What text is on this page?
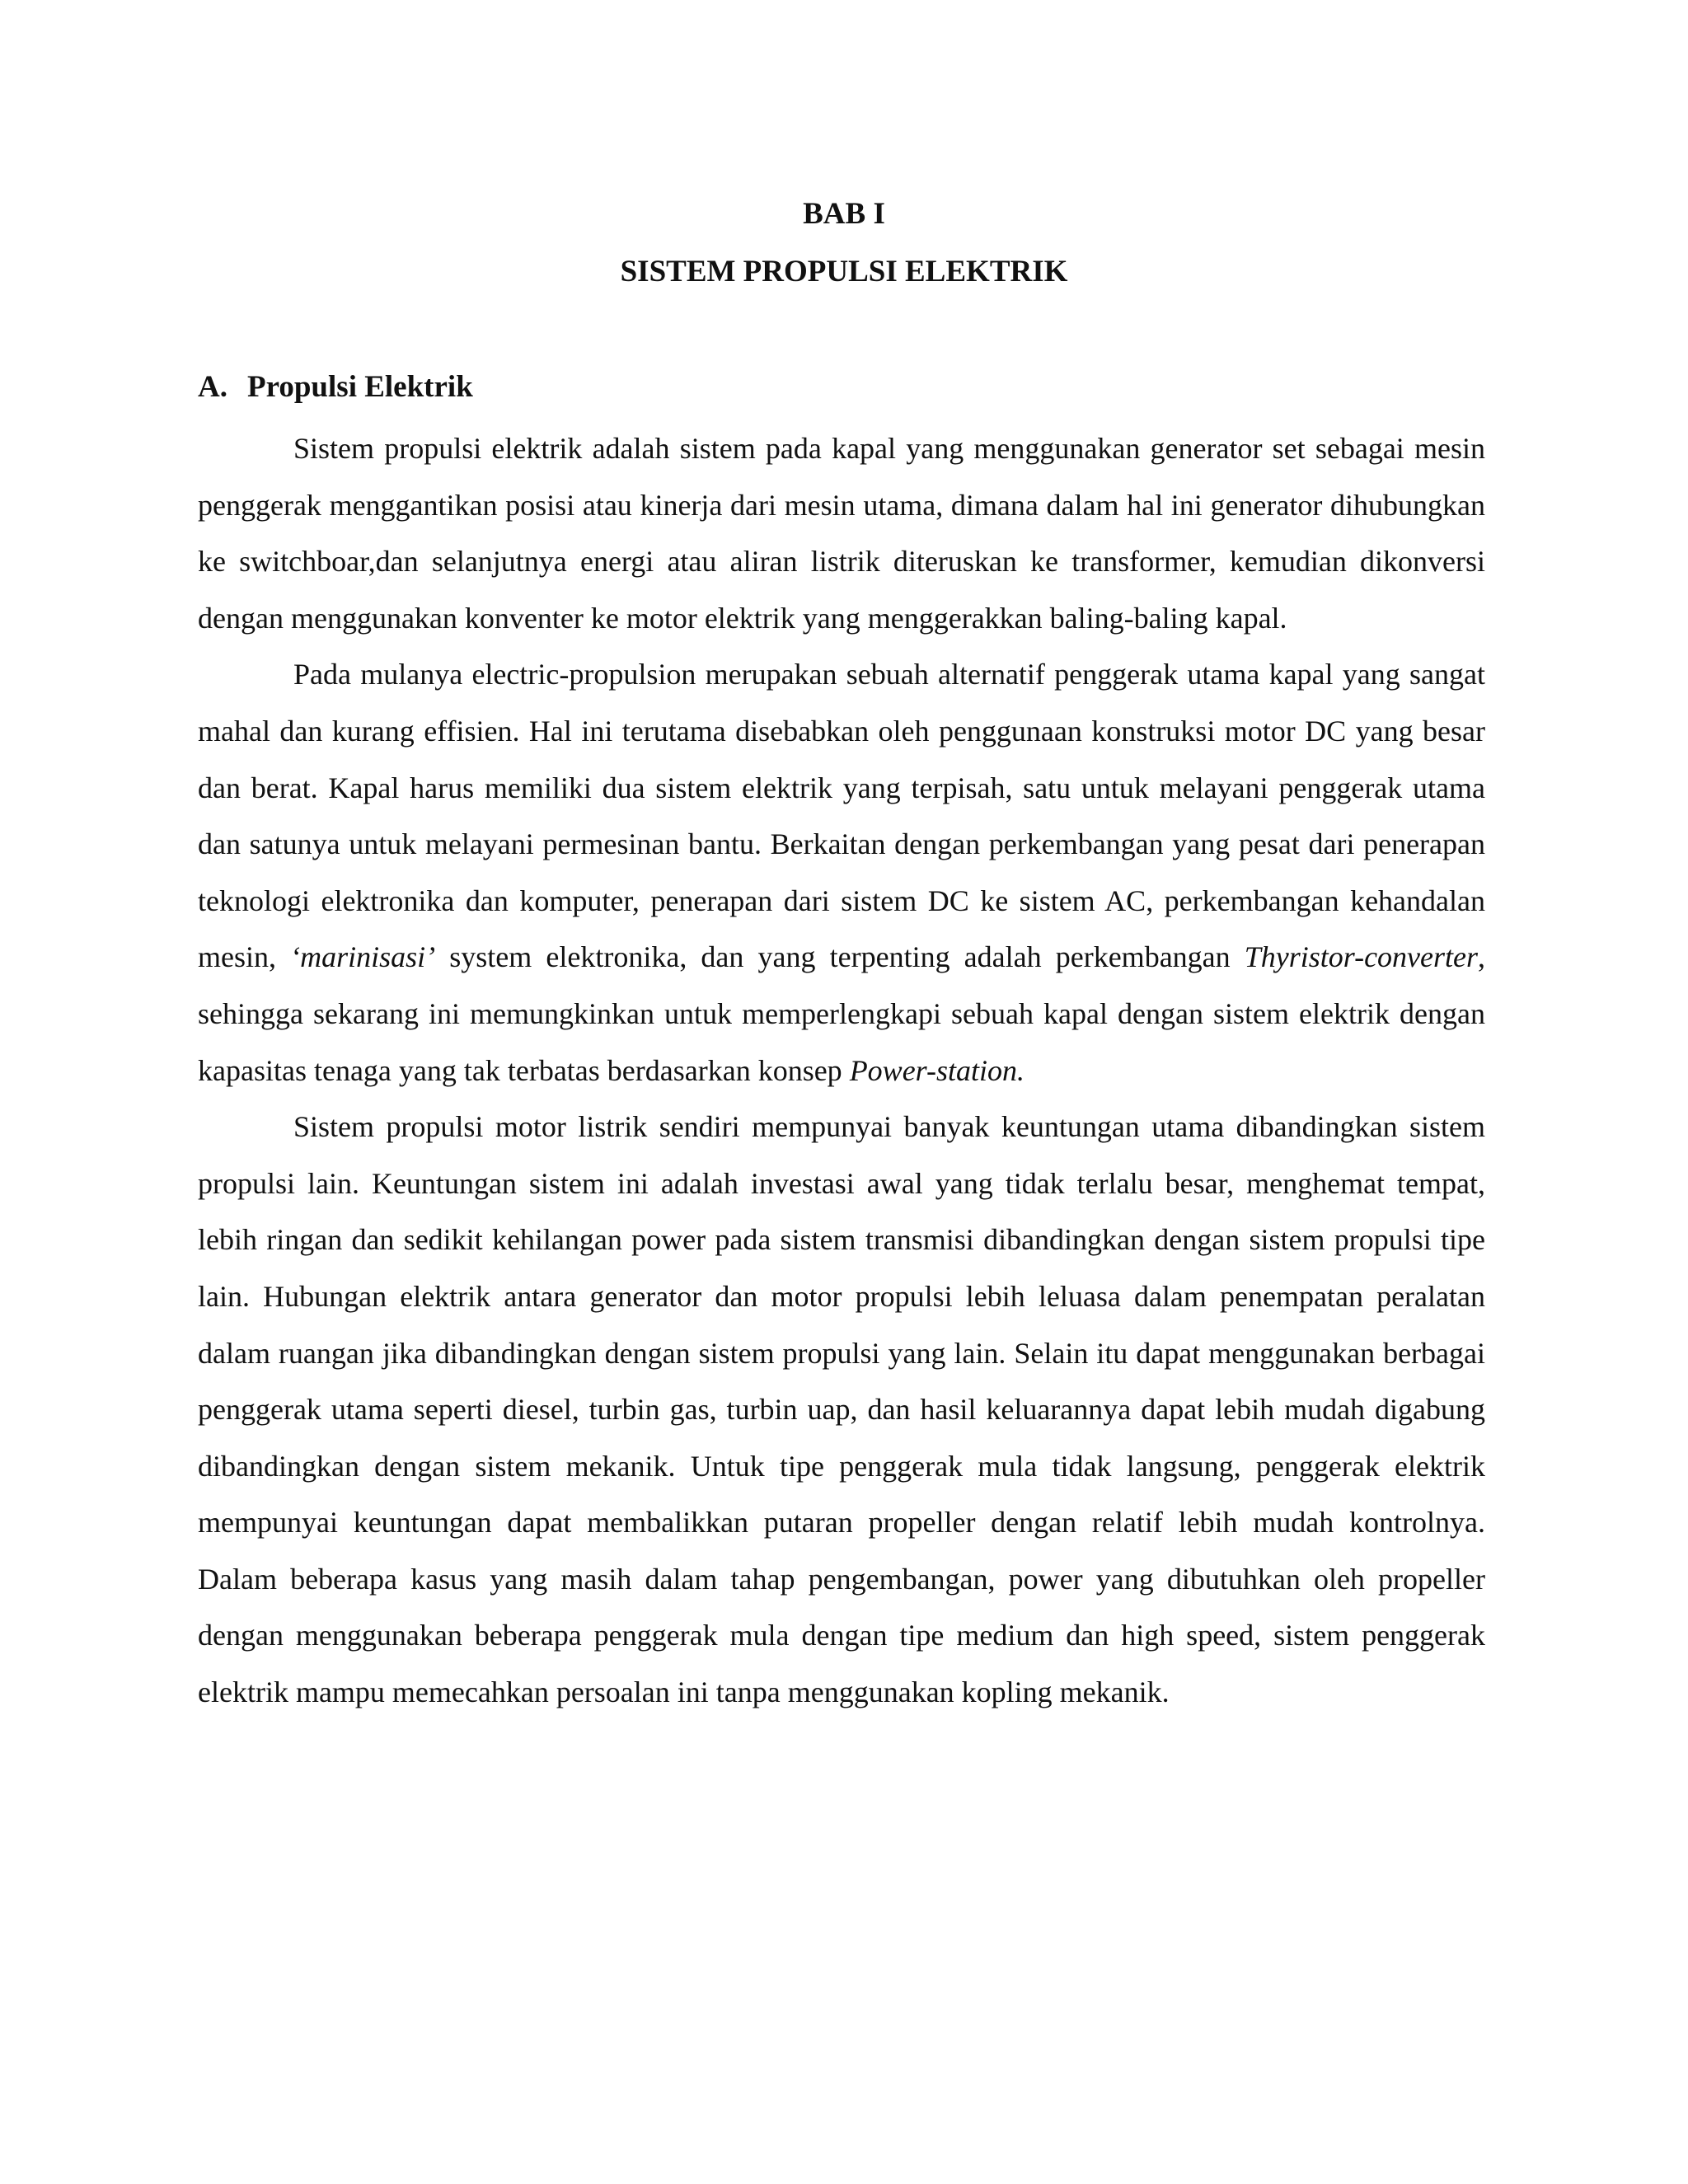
BAB I
SISTEM PROPULSI ELEKTRIK
A. Propulsi Elektrik

Sistem propulsi elektrik adalah sistem pada kapal yang menggunakan generator set sebagai mesin penggerak menggantikan posisi atau kinerja dari mesin utama, dimana dalam hal ini generator dihubungkan ke switchboar,dan selanjutnya energi atau aliran listrik diteruskan ke transformer, kemudian dikonversi dengan menggunakan konventer ke motor elektrik yang menggerakkan baling-baling kapal.

Pada mulanya electric-propulsion merupakan sebuah alternatif penggerak utama kapal yang sangat mahal dan kurang effisien. Hal ini terutama disebabkan oleh penggunaan konstruksi motor DC yang besar dan berat. Kapal harus memiliki dua sistem elektrik yang terpisah, satu untuk melayani penggerak utama dan satunya untuk melayani permesinan bantu. Berkaitan dengan perkembangan yang pesat dari penerapan teknologi elektronika dan komputer, penerapan dari sistem DC ke sistem AC, perkembangan kehandalan mesin, ‘marinisasi’ system elektronika, dan yang terpenting adalah perkembangan Thyristor-converter, sehingga sekarang ini memungkinkan untuk memperlengkapi sebuah kapal dengan sistem elektrik dengan kapasitas tenaga yang tak terbatas berdasarkan konsep Power-station.

Sistem propulsi motor listrik sendiri mempunyai banyak keuntungan utama dibandingkan sistem propulsi lain. Keuntungan sistem ini adalah investasi awal yang tidak terlalu besar, menghemat tempat, lebih ringan dan sedikit kehilangan power pada sistem transmisi dibandingkan dengan sistem propulsi tipe lain. Hubungan elektrik antara generator dan motor propulsi lebih leluasa dalam penempatan peralatan dalam ruangan jika dibandingkan dengan sistem propulsi yang lain. Selain itu dapat menggunakan berbagai penggerak utama seperti diesel, turbin gas, turbin uap, dan hasil keluarannya dapat lebih mudah digabung dibandingkan dengan sistem mekanik. Untuk tipe penggerak mula tidak langsung, penggerak elektrik mempunyai keuntungan dapat membalikkan putaran propeller dengan relatif lebih mudah kontrolnya. Dalam beberapa kasus yang masih dalam tahap pengembangan, power yang dibutuhkan oleh propeller dengan menggunakan beberapa penggerak mula dengan tipe medium dan high speed, sistem penggerak elektrik mampu memecahkan persoalan ini tanpa menggunakan kopling mekanik.
